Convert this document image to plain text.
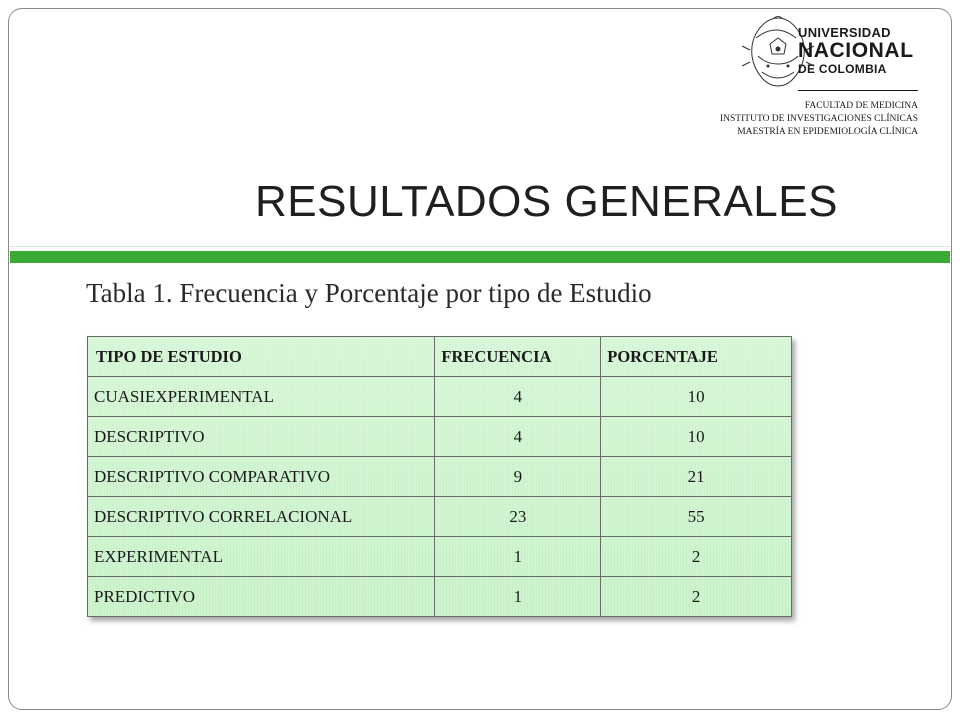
UNIVERSIDAD
NACIONAL
DE COLOMBIA
FACULTAD DE MEDICINA
INSTITUTO DE INVESTIGACIONES CLÍNICAS
MAESTRÍA EN EPIDEMIOLOGÍA CLÍNICA
RESULTADOS GENERALES
Tabla 1. Frecuencia y Porcentaje por tipo de Estudio
TIPO DE ESTUDIO	FRECUENCIA	PORCENTAJE
CUASIEXPERIMENTAL	4	10
DESCRIPTIVO	4	10
DESCRIPTIVO COMPARATIVO	9	21
DESCRIPTIVO CORRELACIONAL	23	55
EXPERIMENTAL	1	2
PREDICTIVO	1	2
